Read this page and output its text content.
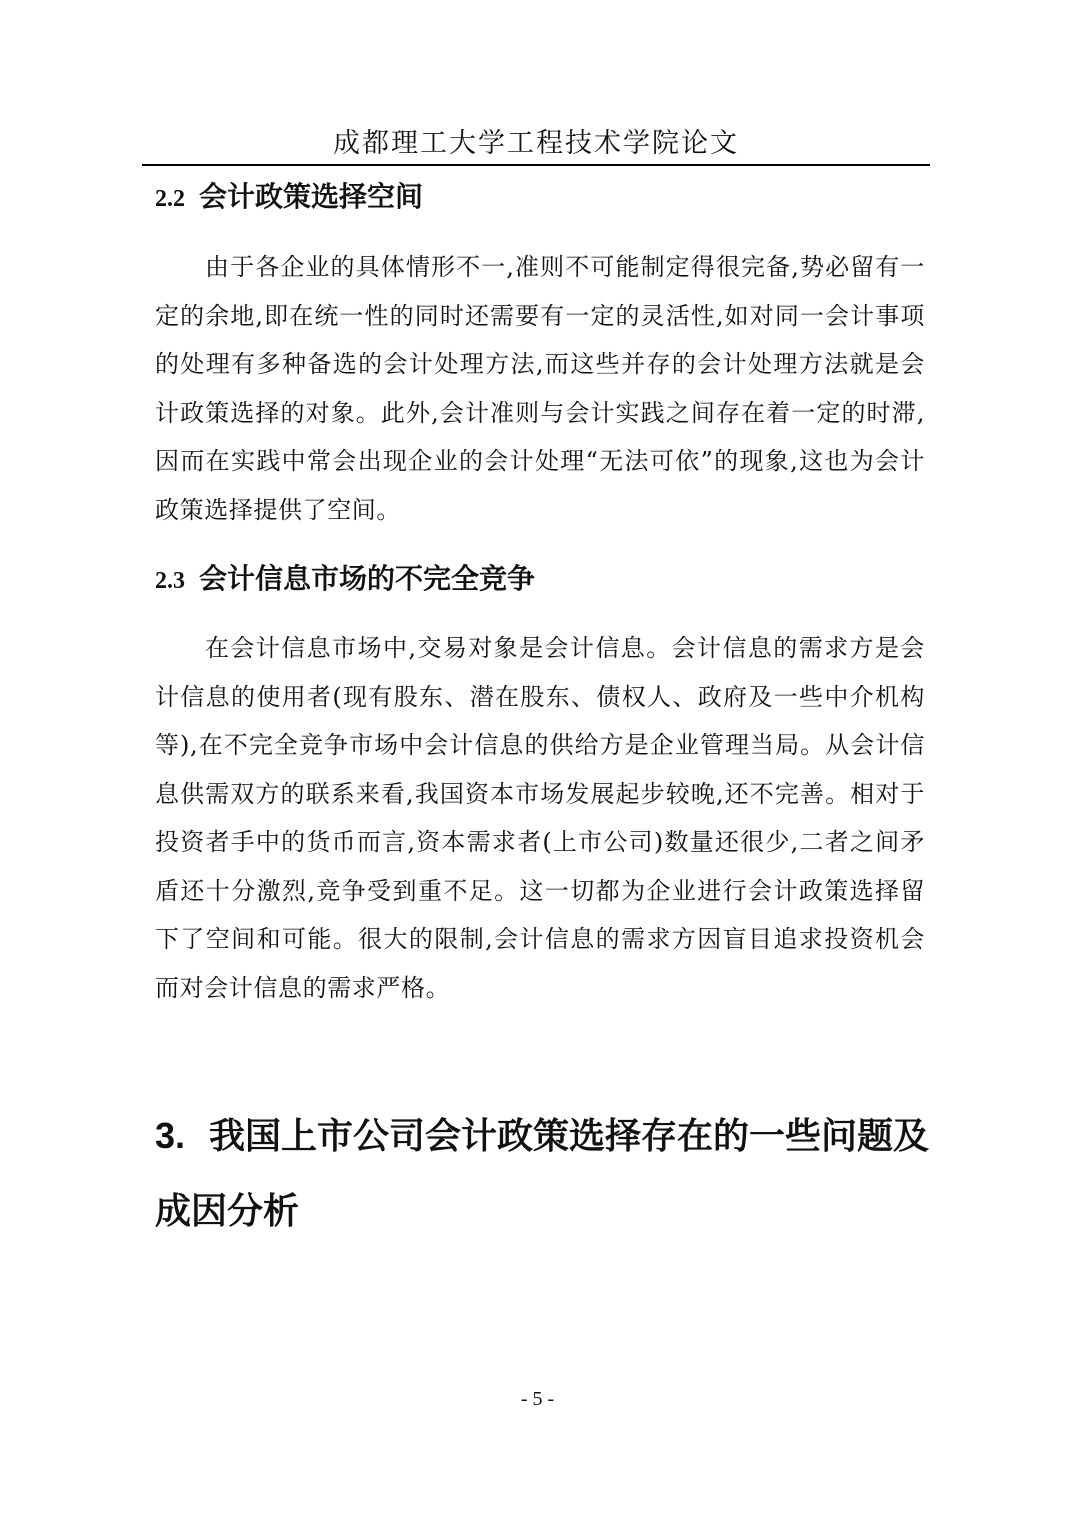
成都理工大学工程技术学院论文
2.2 会计政策选择空间

由于各企业的具体情形不一,准则不可能制定得很完备,势必留有一定的余地,即在统一性的同时还需要有一定的灵活性,如对同一会计事项的处理有多种备选的会计处理方法,而这些并存的会计处理方法就是会计政策选择的对象。此外,会计准则与会计实践之间存在着一定的时滞,因而在实践中常会出现企业的会计处理“无法可依”的现象,这也为会计政策选择提供了空间。

2.3 会计信息市场的不完全竞争

在会计信息市场中,交易对象是会计信息。会计信息的需求方是会计信息的使用者(现有股东、潜在股东、债权人、政府及一些中介机构等),在不完全竞争市场中会计信息的供给方是企业管理当局。从会计信息供需双方的联系来看,我国资本市场发展起步较晚,还不完善。相对于投资者手中的货币而言,资本需求者(上市公司)数量还很少,二者之间矛盾还十分激烈,竞争受到重不足。这一切都为企业进行会计政策选择留下了空间和可能。很大的限制,会计信息的需求方因盲目追求投资机会而对会计信息的需求严格。

3. 我国上市公司会计政策选择存在的一些问题及成因分析
- 5 -
